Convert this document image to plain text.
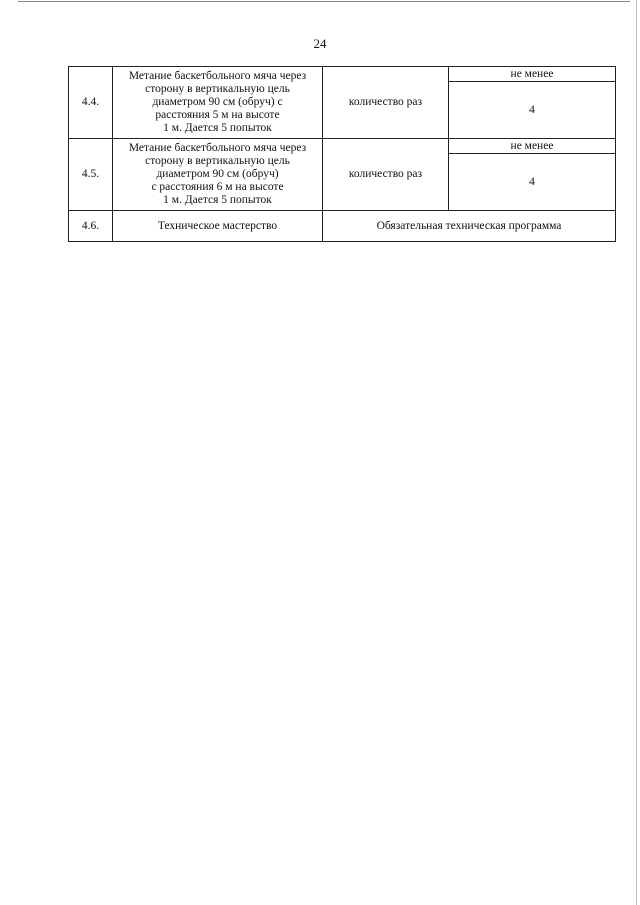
24
4.4.	Метание баскетбольного мяча через
сторону в вертикальную цель
диаметром 90 см (обруч) с
расстояния 5 м на высоте
1 м. Дается 5 попыток	количество раз	не менее
			4
4.5.	Метание баскетбольного мяча через
сторону в вертикальную цель
диаметром 90 см (обруч)
с расстояния 6 м на высоте
1 м. Дается 5 попыток	количество раз	не менее
			4
4.6.	Техническое мастерство	Обязательная техническая программа	
